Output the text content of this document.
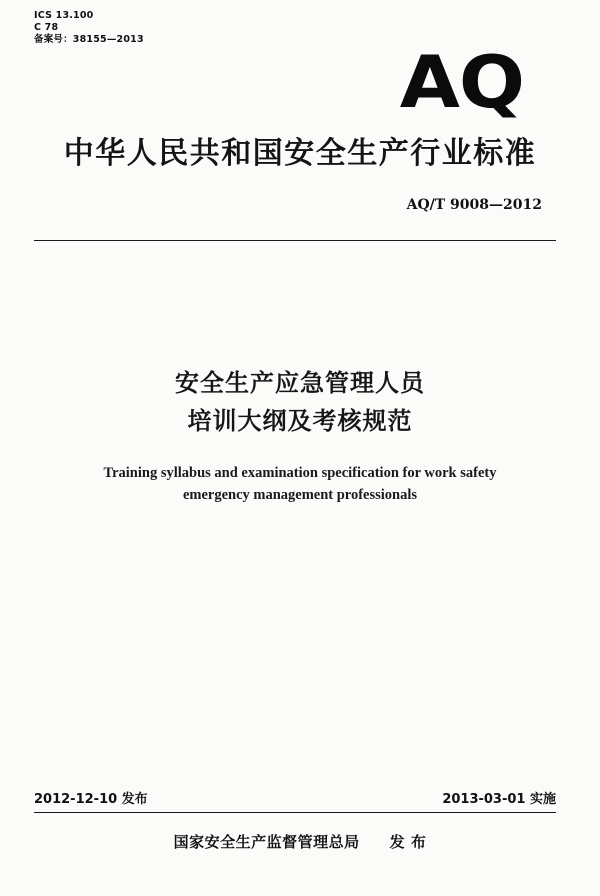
ICS 13.100
C 78
备案号：38155—2013
AQ
中华人民共和国安全生产行业标准
AQ/T 9008—2012
安全生产应急管理人员
培训大纲及考核规范
Training syllabus and examination specification for work safety
emergency management professionals
2012-12-10 发布	2013-03-01 实施
国家安全生产监督管理总局 发 布
